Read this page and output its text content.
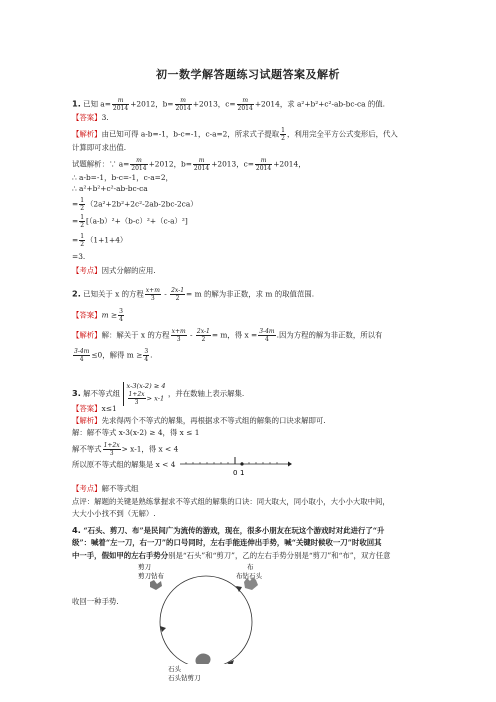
初一数学解答题练习试题答案及解析
1. 已知 $a= \frac{m}{2014} +2012$，$b= \frac{m}{2014} +2013$，$c= \frac{m}{2014} +2014$，求 a²+b²+c²-ab-bc-ca 的值.
【答案】3.
【解析】由已知可得 a-b=-1，b-c=-1，c-a=2，所求式子提取 $\frac{1}{2}$ ，利用完全平方公式变形后，代入
计算即可求出值.
试题解析：∵ $a= \frac{m}{2014} +2012$，$b= \frac{m}{2014} +2013$，$c= \frac{m}{2014} +2014$，
∴ a-b=-1，b-c=-1，c-a=2，
∴ a²+b²+c²-ab-bc-ca
= $\frac{1}{2} (2a^2+2b^2+2c^2-2ab-2bc-2ca)$
= $\frac{1}{2} [(a-b)^2+(b-c)^2+(c-a)^2]$
= $\frac{1}{2} (1+1+4)$
=3.
【考点】因式分解的应用.
2. 已知关于 x 的方程 $\frac{x+m}{3} - \frac{2x-1}{2} = m$ 的解为非正数，求 m 的取值范围.
【答案】$m \ge \frac{3}{4}$
【解析】解：解关于 x 的方程 $\frac{x+m}{3} - \frac{2x-1}{2} = m$，得 $x = \frac{3-4m}{4}$ .因为方程的解为非正数，所以有
$\frac{3-4m}{4} \le 0$，解得 $m \ge \frac{3}{4}$ .
3. 解不等式组
x-3(x-2) ≥ 4
$\frac{1+2x}{3} > x-1$
，并在数轴上表示解集.
【答案】x≤1
【解析】先求得两个不等式的解集，再根据求不等式组的解集的口诀求解即可.
解：解不等式 x-3(x-2) ≥ 4，得 x ≤ 1
解不等式 $\frac{1+2x}{3} > x-1$，得 x < 4
所以原不等式组的解集是 x < 4
0 1
【考点】解不等式组
点评：解题的关键是熟练掌握求不等式组的解集的口诀：同大取大，同小取小，大小小大取中间，
大大小小找不到（无解）.
4. “石头、剪刀、布”是民间广为流传的游戏，现在，很多小朋友在玩这个游戏时对此进行了“升
级”：喊着“左一刀，右一刀”的口号同时，左右手能连伸出手势，喊“关键时候收一刀”时收回其
中一手，假如甲的左右手势分别是“石头”和“剪刀”，乙的左右手势分别是“剪刀”和“布”，双方任意
收回一种手势.
剪刀
剪刀钻布
布
布钻石头
石头
石头钻剪刀
